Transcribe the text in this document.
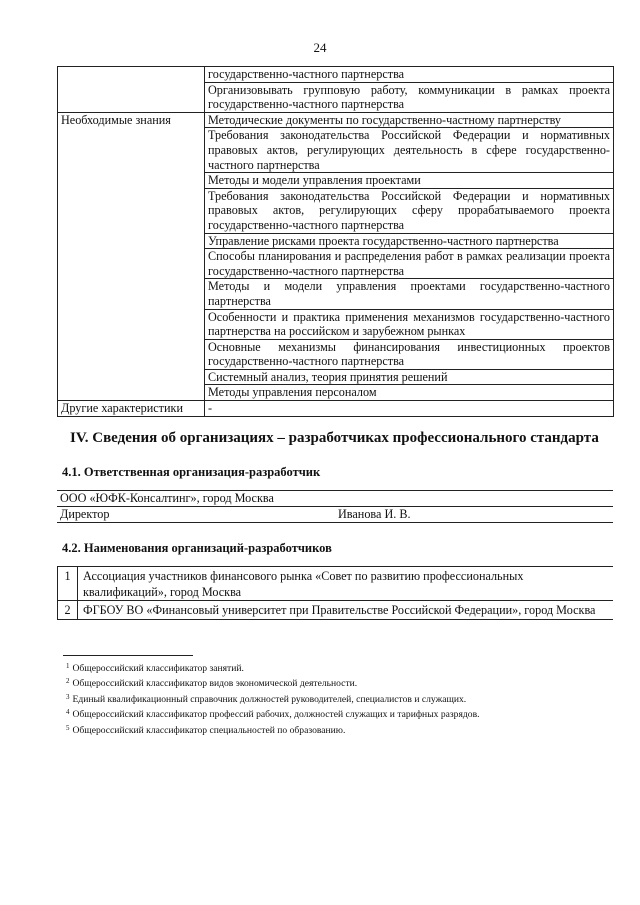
24
	государственно-частного партнерства
	Организовывать групповую работу, коммуникации в рамках проекта государственно-частного партнерства
Необходимые знания	Методические документы по государственно-частному партнерству
	Требования законодательства Российской Федерации и нормативных правовых актов, регулирующих деятельность в сфере государственно-частного партнерства
	Методы и модели управления проектами
	Требования законодательства Российской Федерации и нормативных правовых актов, регулирующих сферу прорабатываемого проекта государственно-частного партнерства
	Управление рисками проекта государственно-частного партнерства
	Способы планирования и распределения работ в рамках реализации проекта государственно-частного партнерства
	Методы и модели управления проектами государственно-частного партнерства
	Особенности и практика применения механизмов государственно-частного партнерства на российском и зарубежном рынках
	Основные механизмы финансирования инвестиционных проектов государственно-частного партнерства
	Системный анализ, теория принятия решений
	Методы управления персоналом
Другие характеристики	-
IV. Сведения об организациях – разработчиках профессионального стандарта
4.1. Ответственная организация-разработчик
ООО «ЮФК-Консалтинг», город Москва
Директор	Иванова И. В.
4.2. Наименования организаций-разработчиков
1	Ассоциация участников финансового рынка «Совет по развитию профессиональных квалификаций», город Москва
2	ФГБОУ ВО «Финансовый университет при Правительстве Российской Федерации», город Москва
$^1$ Общероссийский классификатор занятий.
$^2$ Общероссийский классификатор видов экономической деятельности.
$^3$ Единый квалификационный справочник должностей руководителей, специалистов и служащих.
$^4$ Общероссийский классификатор профессий рабочих, должностей служащих и тарифных разрядов.
$^5$ Общероссийский классификатор специальностей по образованию.
